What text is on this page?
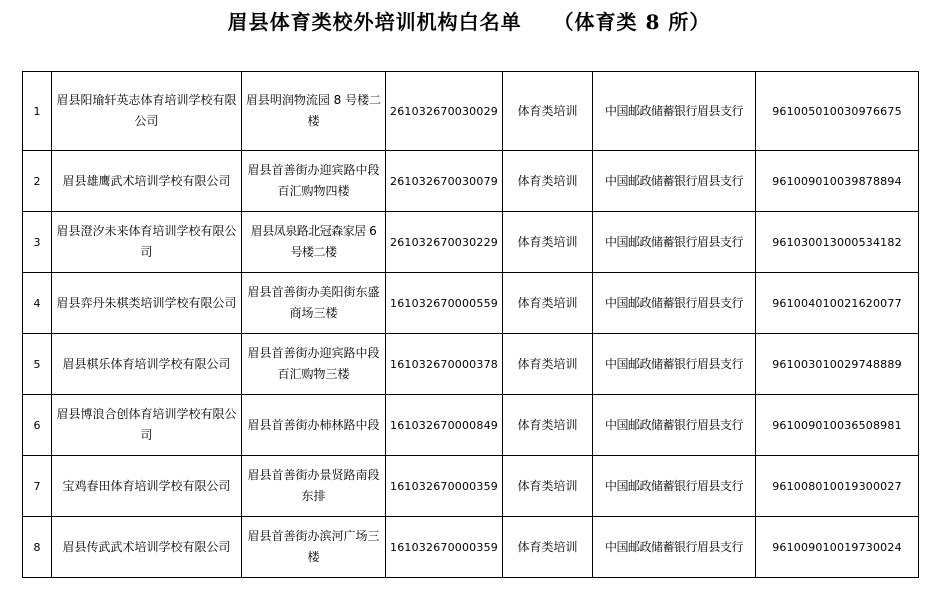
眉县体育类校外培训机构白名单    （体育类 8 所）
1	眉县阳瑜轩英志体育培训学校有限公司	眉县明润物流园 8 号楼二楼	261032670030029	体育类培训	中国邮政储蓄银行眉县支行	961005010030976675
2	眉县雄鹰武术培训学校有限公司	眉县首善街办迎宾路中段百汇购物四楼	261032670030079	体育类培训	中国邮政储蓄银行眉县支行	961009010039878894
3	眉县澄汐未来体育培训学校有限公司	眉县凤泉路北冠森家居 6 号楼二楼	261032670030229	体育类培训	中国邮政储蓄银行眉县支行	961030013000534182
4	眉县弈丹朱棋类培训学校有限公司	眉县首善街办美阳街东盛商场三楼	161032670000559	体育类培训	中国邮政储蓄银行眉县支行	961004010021620077
5	眉县棋乐体育培训学校有限公司	眉县首善街办迎宾路中段百汇购物三楼	161032670000378	体育类培训	中国邮政储蓄银行眉县支行	961003010029748889
6	眉县博浪合创体育培训学校有限公司	眉县首善街办柿林路中段	161032670000849	体育类培训	中国邮政储蓄银行眉县支行	961009010036508981
7	宝鸡春田体育培训学校有限公司	眉县首善街办景贤路南段东排	161032670000359	体育类培训	中国邮政储蓄银行眉县支行	961008010019300027
8	眉县传武武术培训学校有限公司	眉县首善街办滨河广场三楼	161032670000359	体育类培训	中国邮政储蓄银行眉县支行	961009010019730024
